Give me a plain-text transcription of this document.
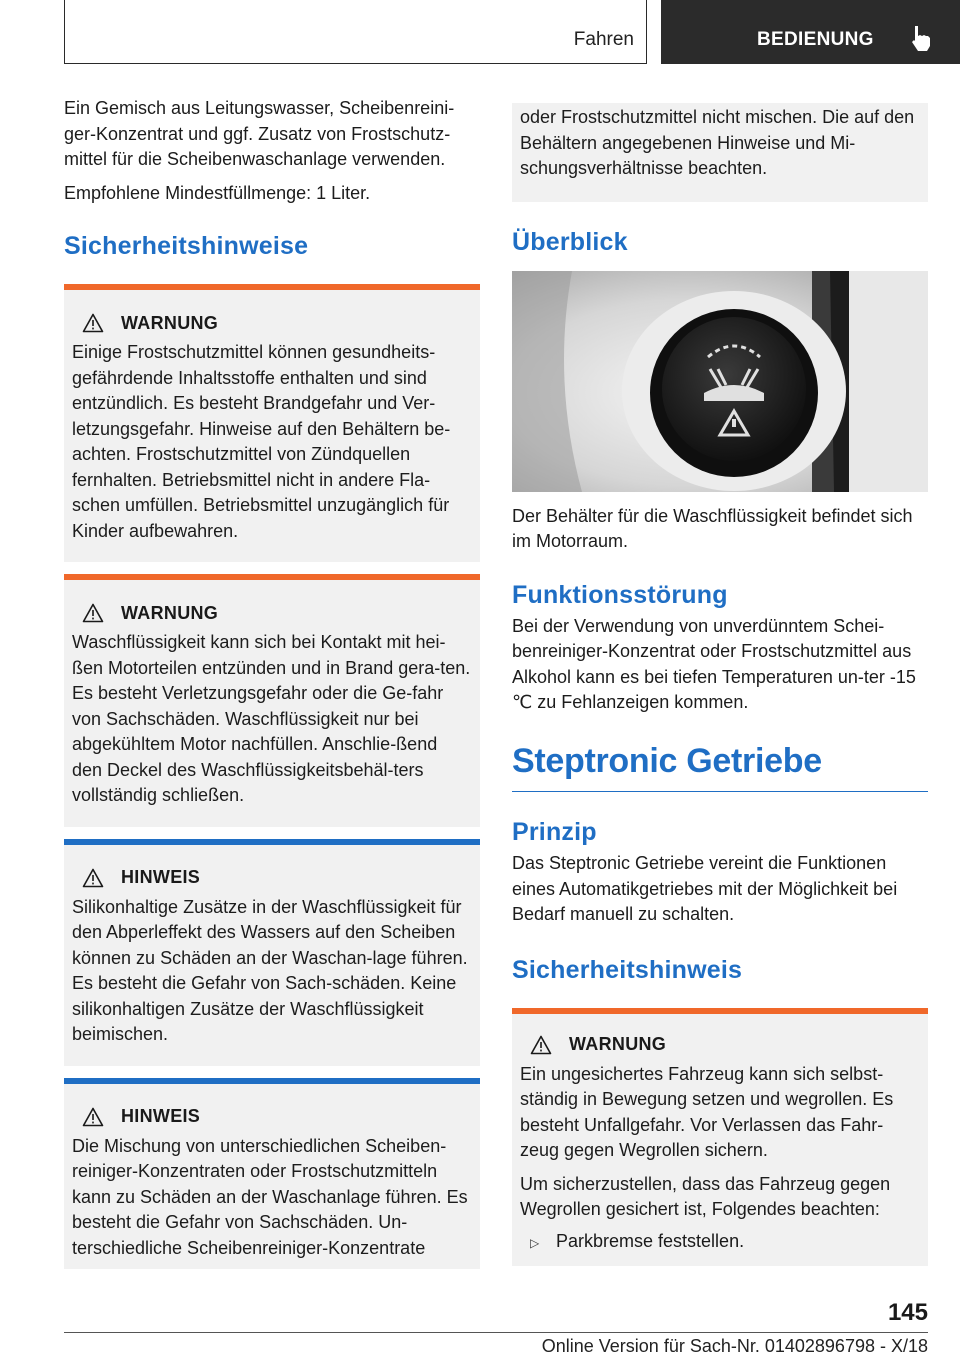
Fahren	BEDIENUNG

Ein Gemisch aus Leitungswasser, Scheibenreini-ger-Konzentrat und ggf. Zusatz von Frostschutz-mittel für die Scheibenwaschanlage verwenden.

Empfohlene Mindestfüllmenge: 1 Liter.

Sicherheitshinweise
WARNUNG

Einige Frostschutzmittel können gesundheits-gefährdende Inhaltsstoffe enthalten und sind entzündlich. Es besteht Brandgefahr und Ver-letzungsgefahr. Hinweise auf den Behältern be-achten. Frostschutzmittel von Zündquellen fernhalten. Betriebsmittel nicht in andere Fla-schen umfüllen. Betriebsmittel unzugänglich für Kinder aufbewahren.

WARNUNG

Waschflüssigkeit kann sich bei Kontakt mit hei-ßen Motorteilen entzünden und in Brand gera-ten. Es besteht Verletzungsgefahr oder die Ge-fahr von Sachschäden. Waschflüssigkeit nur bei abgekühltem Motor nachfüllen. Anschlie-ßend den Deckel des Waschflüssigkeitsbehäl-ters vollständig schließen.

HINWEIS

Silikonhaltige Zusätze in der Waschflüssigkeit für den Abperleffekt des Wassers auf den Scheiben können zu Schäden an der Waschan-lage führen. Es besteht die Gefahr von Sach-schäden. Keine silikonhaltigen Zusätze der Waschflüssigkeit beimischen.

HINWEIS

Die Mischung von unterschiedlichen Scheiben-reiniger-Konzentraten oder Frostschutzmitteln kann zu Schäden an der Waschanlage führen. Es besteht die Gefahr von Sachschäden. Un-terschiedliche Scheibenreiniger-Konzentrate

oder Frostschutzmittel nicht mischen. Die auf den Behältern angegebenen Hinweise und Mi-schungsverhältnisse beachten.

Überblick

Der Behälter für die Waschflüssigkeit befindet sich im Motorraum.

Funktionsstörung

Bei der Verwendung von unverdünntem Schei-benreiniger-Konzentrat oder Frostschutzmittel aus Alkohol kann es bei tiefen Temperaturen un-ter -15 ℃ zu Fehlanzeigen kommen.

Steptronic Getriebe
Prinzip

Das Steptronic Getriebe vereint die Funktionen eines Automatikgetriebes mit der Möglichkeit bei Bedarf manuell zu schalten.

Sicherheitshinweis
WARNUNG

Ein ungesichertes Fahrzeug kann sich selbst-ständig in Bewegung setzen und wegrollen. Es besteht Unfallgefahr. Vor Verlassen das Fahr-zeug gegen Wegrollen sichern.

Um sicherzustellen, dass das Fahrzeug gegen Wegrollen gesichert ist, Folgendes beachten:

▷ Parkbremse feststellen.
145
Online Version für Sach-Nr. 01402896798 - X/18
